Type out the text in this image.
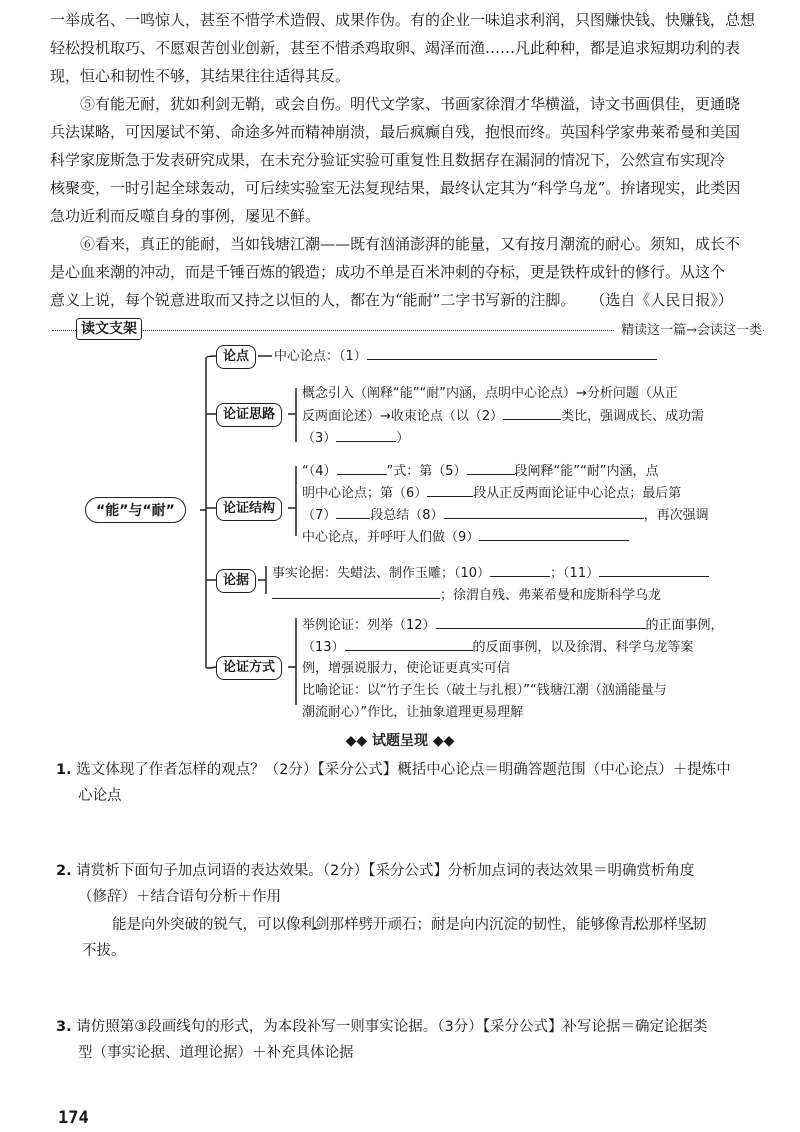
一举成名、一鸣惊人，甚至不惜学术造假、成果作伪。有的企业一味追求利润，只图赚快钱、快赚钱，总想
轻松投机取巧、不愿艰苦创业创新，甚至不惜杀鸡取卵、竭泽而渔……凡此种种，都是追求短期功利的表
现，恒心和韧性不够，其结果往往适得其反。
⑤有能无耐，犹如利剑无鞘，或会自伤。明代文学家、书画家徐渭才华横溢，诗文书画俱佳，更通晓
兵法谋略，可因屡试不第、命途多舛而精神崩溃，最后疯癫自残，抱恨而终。英国科学家弗莱希曼和美国
科学家庞斯急于发表研究成果，在未充分验证实验可重复性且数据存在漏洞的情况下，公然宣布实现冷
核聚变，一时引起全球轰动，可后续实验室无法复现结果，最终认定其为“科学乌龙”。拚诸现实，此类因
急功近利而反噬自身的事例，屡见不鲜。
⑥看来，真正的能耐，当如钱塘江潮——既有汹涌澎湃的能量，又有按月潮流的耐心。须知，成长不
是心血来潮的冲动，而是千锤百炼的锻造；成功不单是百米冲刺的夺标，更是铁杵成针的修行。从这个
意义上说，每个锐意进取而又持之以恒的人，都在为“能耐”二字书写新的注脚。　　（选自《人民日报》）
读文支架	精读这一篇→会读这一类
“能”与“耐”
论点
论证思路
论证结构
论据
论证方式
中心论点：（1）
概念引入（阐释“能”“耐”内涵，点明中心论点）→分析问题（从正
反两面论述）→收束论点（以（2）	类比，强调成长、成功需
（3）	）
“（4）	”式：第（5）	段阐释“能”“耐”内涵，点
明中心论点；第（6）	段从正反两面论证中心论点；最后第
（7）	段总结（8）	，再次强调
中心论点，并呼吁人们做（9）
事实论据：失蜡法、制作玉雕；（10）	；（11）
；徐渭自残、弗莱希曼和庞斯科学乌龙
举例论证：列举（12）	的正面事例，
（13）	的反面事例，以及徐渭、科学乌龙等案
例，增强说服力，使论证更真实可信
比喻论证：以“竹子生长（破土与扎根）”“钱塘江潮（汹涌能量与
潮流耐心）”作比，让抽象道理更易理解
◆◆ 试题呈现 ◆◆
1. 选文体现了作者怎样的观点？（2分）【采分公式】概括中心论点＝明确答题范围（中心论点）＋提炼中
心论点
2. 请赏析下面句子加点词语的表达效果。（2分）【采分公式】分析加点词的表达效果＝明确赏析角度
（修辞）＋结合语句分析＋作用
能是向外突破的锐气，可以像利剑那样劈开顽石；耐是向内沉淀的韧性，能够像青松那样坚韧
不拔。
3. 请仿照第③段画线句的形式，为本段补写一则事实论据。（3分）【采分公式】补写论据＝确定论据类
型（事实论据、道理论据）＋补充具体论据
174
